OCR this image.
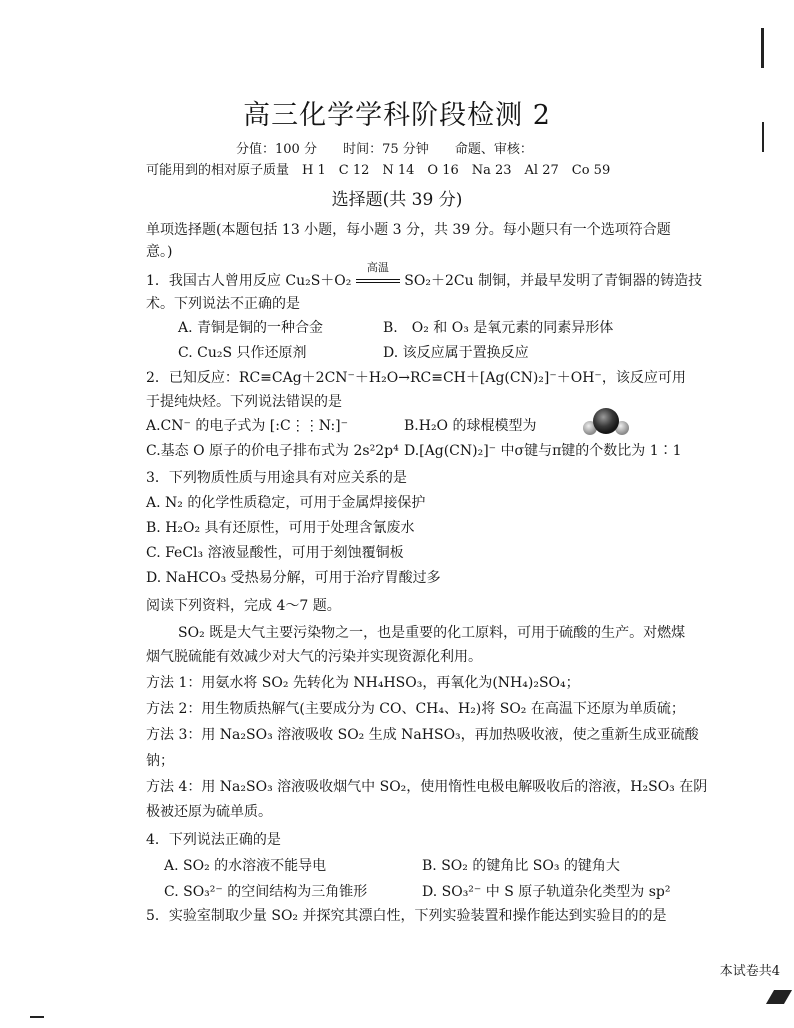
高三化学学科阶段检测 2
分值：100 分 时间：75 分钟 命题、审核：
可能用到的相对原子质量　H 1　C 12　N 14　O 16　Na 23　Al 27　Co 59
选择题(共 39 分)
单项选择题(本题包括 13 小题，每小题 3 分，共 39 分。每小题只有一个选项符合题
意。)
1．我国古人曾用反应 Cu₂S＋O₂
高温
SO₂＋2Cu 制铜，并最早发明了青铜器的铸造技
术。下列说法不正确的是
A. 青铜是铜的一种合金	B.　O₂ 和 O₃ 是氧元素的同素异形体
C. Cu₂S 只作还原剂	D. 该反应属于置换反应
2．已知反应：RC≡CAg＋2CN⁻＋H₂O→RC≡CH＋[Ag(CN)₂]⁻＋OH⁻，该反应可用
于提纯炔烃。下列说法错误的是
A.CN⁻ 的电子式为 [:C⋮⋮N:]⁻	B.H₂O 的球棍模型为
C.基态 O 原子的价电子排布式为 2s²2p⁴ D.[Ag(CN)₂]⁻ 中σ键与π键的个数比为 1∶1
3．下列物质性质与用途具有对应关系的是
A. N₂ 的化学性质稳定，可用于金属焊接保护
B. H₂O₂ 具有还原性，可用于处理含氰废水
C. FeCl₃ 溶液显酸性，可用于刻蚀覆铜板
D. NaHCO₃ 受热易分解，可用于治疗胃酸过多
阅读下列资料，完成 4～7 题。
SO₂ 既是大气主要污染物之一，也是重要的化工原料，可用于硫酸的生产。对燃煤
烟气脱硫能有效减少对大气的污染并实现资源化利用。
方法 1：用氨水将 SO₂ 先转化为 NH₄HSO₃，再氧化为(NH₄)₂SO₄；
方法 2：用生物质热解气(主要成分为 CO、CH₄、H₂)将 SO₂ 在高温下还原为单质硫；
方法 3：用 Na₂SO₃ 溶液吸收 SO₂ 生成 NaHSO₃，再加热吸收液，使之重新生成亚硫酸
钠；
方法 4：用 Na₂SO₃ 溶液吸收烟气中 SO₂，使用惰性电极电解吸收后的溶液，H₂SO₃ 在阴
极被还原为硫单质。
4．下列说法正确的是
A. SO₂ 的水溶液不能导电	B. SO₂ 的键角比 SO₃ 的键角大
C. SO₃²⁻ 的空间结构为三角锥形	D. SO₃²⁻ 中 S 原子轨道杂化类型为 sp²
5．实验室制取少量 SO₂ 并探究其漂白性，下列实验装置和操作能达到实验目的的是
本试卷共4
